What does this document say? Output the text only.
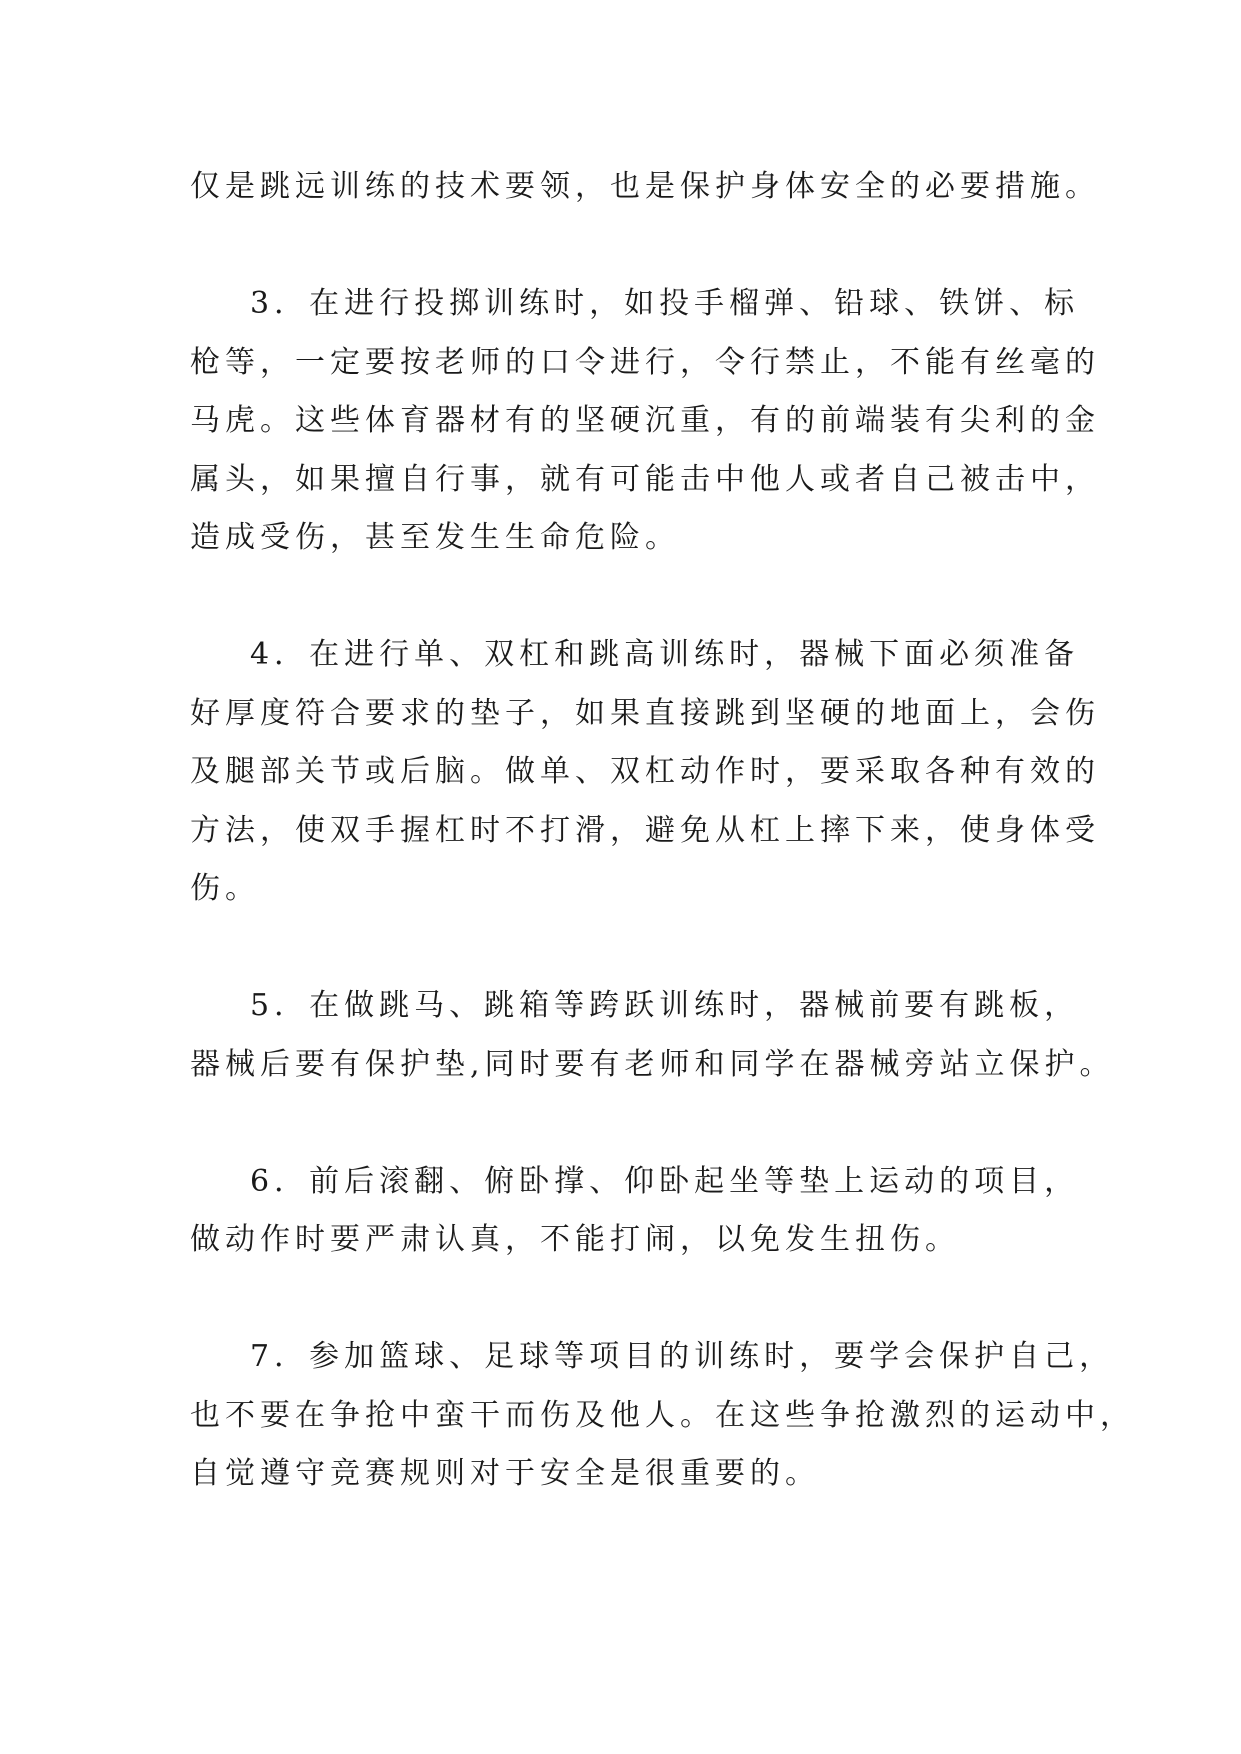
仅是跳远训练的技术要领，也是保护身体安全的必要措施。

3．在进行投掷训练时，如投手榴弹、铅球、铁饼、标
枪等，一定要按老师的口令进行，令行禁止，不能有丝毫的
马虎。这些体育器材有的坚硬沉重，有的前端装有尖利的金
属头，如果擅自行事，就有可能击中他人或者自己被击中，
造成受伤，甚至发生生命危险。

4．在进行单、双杠和跳高训练时，器械下面必须准备
好厚度符合要求的垫子，如果直接跳到坚硬的地面上，会伤
及腿部关节或后脑。做单、双杠动作时，要采取各种有效的
方法，使双手握杠时不打滑，避免从杠上摔下来，使身体受
伤。

5．在做跳马、跳箱等跨跃训练时，器械前要有跳板，
器械后要有保护垫,同时要有老师和同学在器械旁站立保护。

6．前后滚翻、俯卧撑、仰卧起坐等垫上运动的项目，
做动作时要严肃认真，不能打闹，以免发生扭伤。

7．参加篮球、足球等项目的训练时，要学会保护自己，
也不要在争抢中蛮干而伤及他人。在这些争抢激烈的运动中，
自觉遵守竞赛规则对于安全是很重要的。
